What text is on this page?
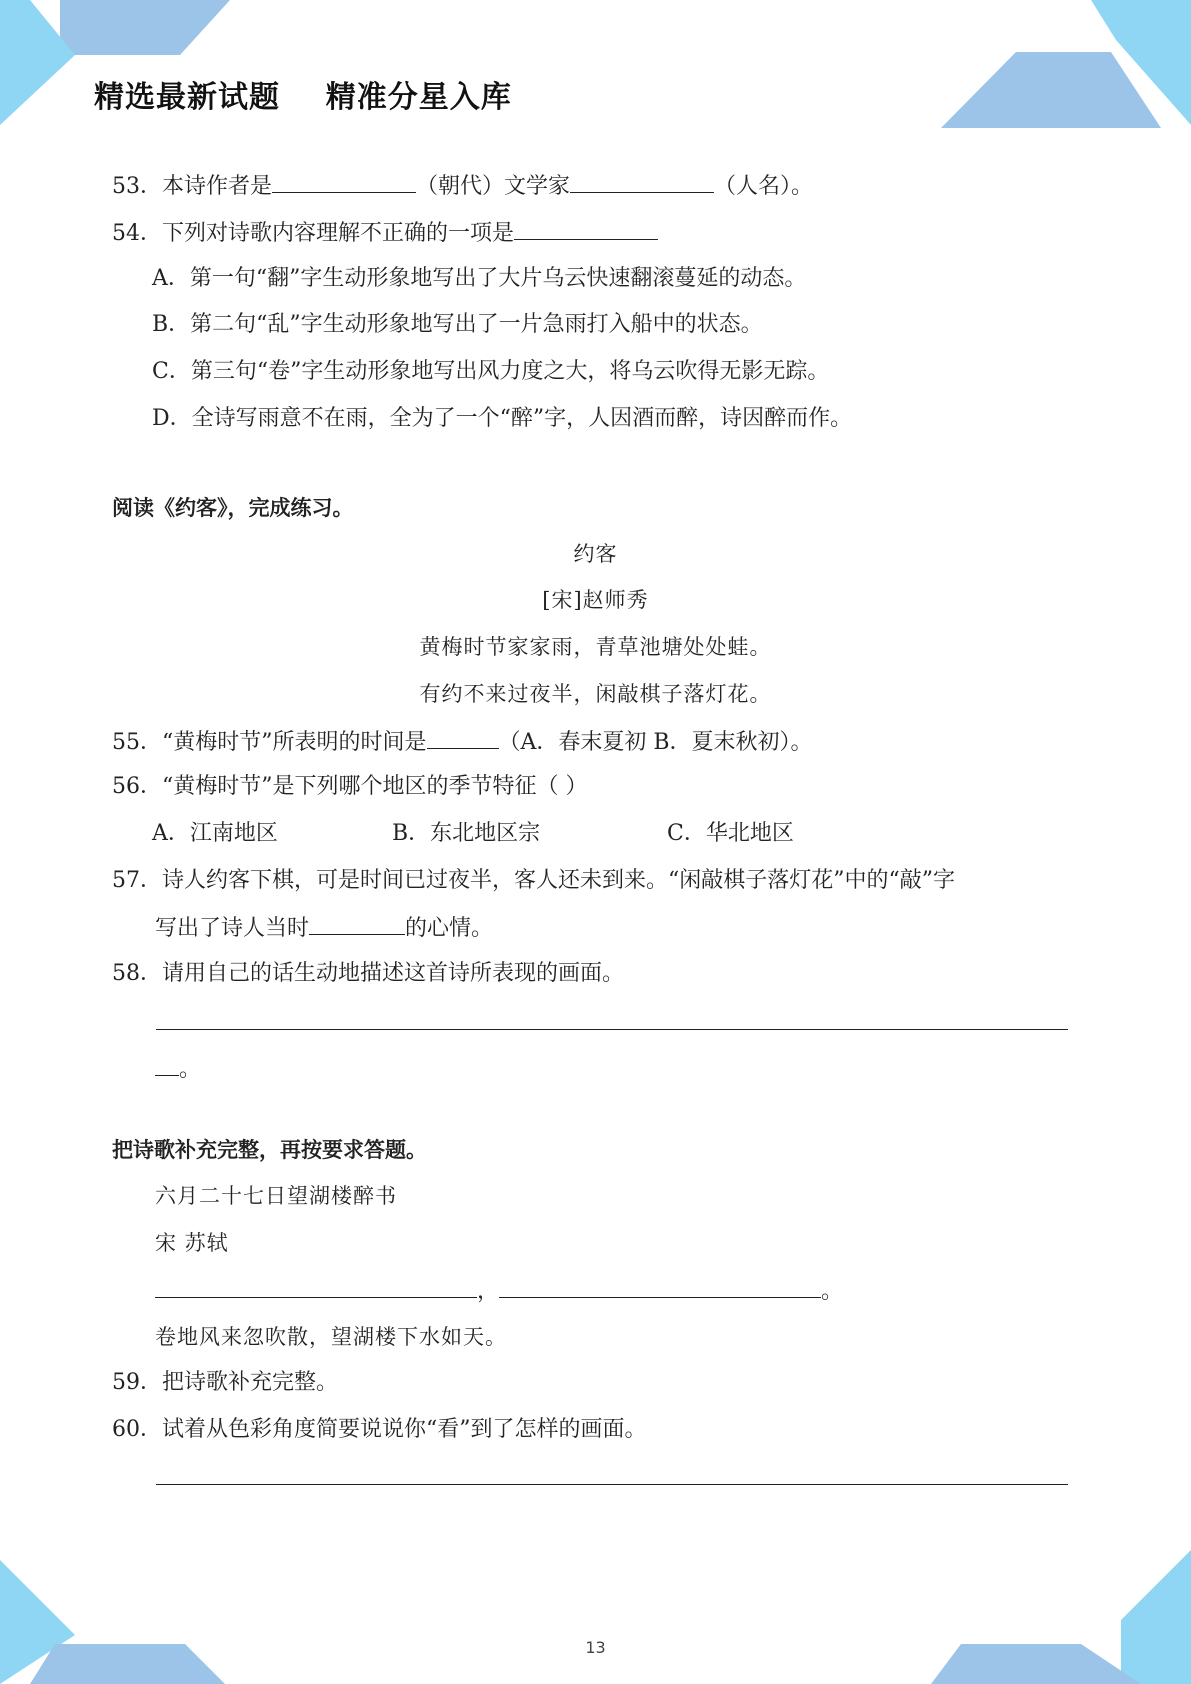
精选最新试题    精准分星入库
53．本诗作者是	（朝代）文学家	（人名）。
54．下列对诗歌内容理解不正确的一项是
A．第一句“翻”字生动形象地写出了大片乌云快速翻滚蔓延的动态。
B．第二句“乱”字生动形象地写出了一片急雨打入船中的状态。
C．第三句“卷”字生动形象地写出风力度之大，将乌云吹得无影无踪。
D．全诗写雨意不在雨，全为了一个“醉”字，人因酒而醉，诗因醉而作。
阅读《约客》，完成练习。
约客
[宋]赵师秀
黄梅时节家家雨，青草池塘处处蛙。
有约不来过夜半，闲敲棋子落灯花。
55．“黄梅时节”所表明的时间是	（A．春末夏初 B．夏末秋初）。
56．“黄梅时节”是下列哪个地区的季节特征（ ）
A．江南地区	B．东北地区宗	C．华北地区
57．诗人约客下棋，可是时间已过夜半，客人还未到来。“闲敲棋子落灯花”中的“敲”字
写出了诗人当时	的心情。
58．请用自己的话生动地描述这首诗所表现的画面。
。
把诗歌补充完整，再按要求答题。
六月二十七日望湖楼醉书
宋 苏轼
，	。
卷地风来忽吹散，望湖楼下水如天。
59．把诗歌补充完整。
60．试着从色彩角度简要说说你“看”到了怎样的画面。
13
